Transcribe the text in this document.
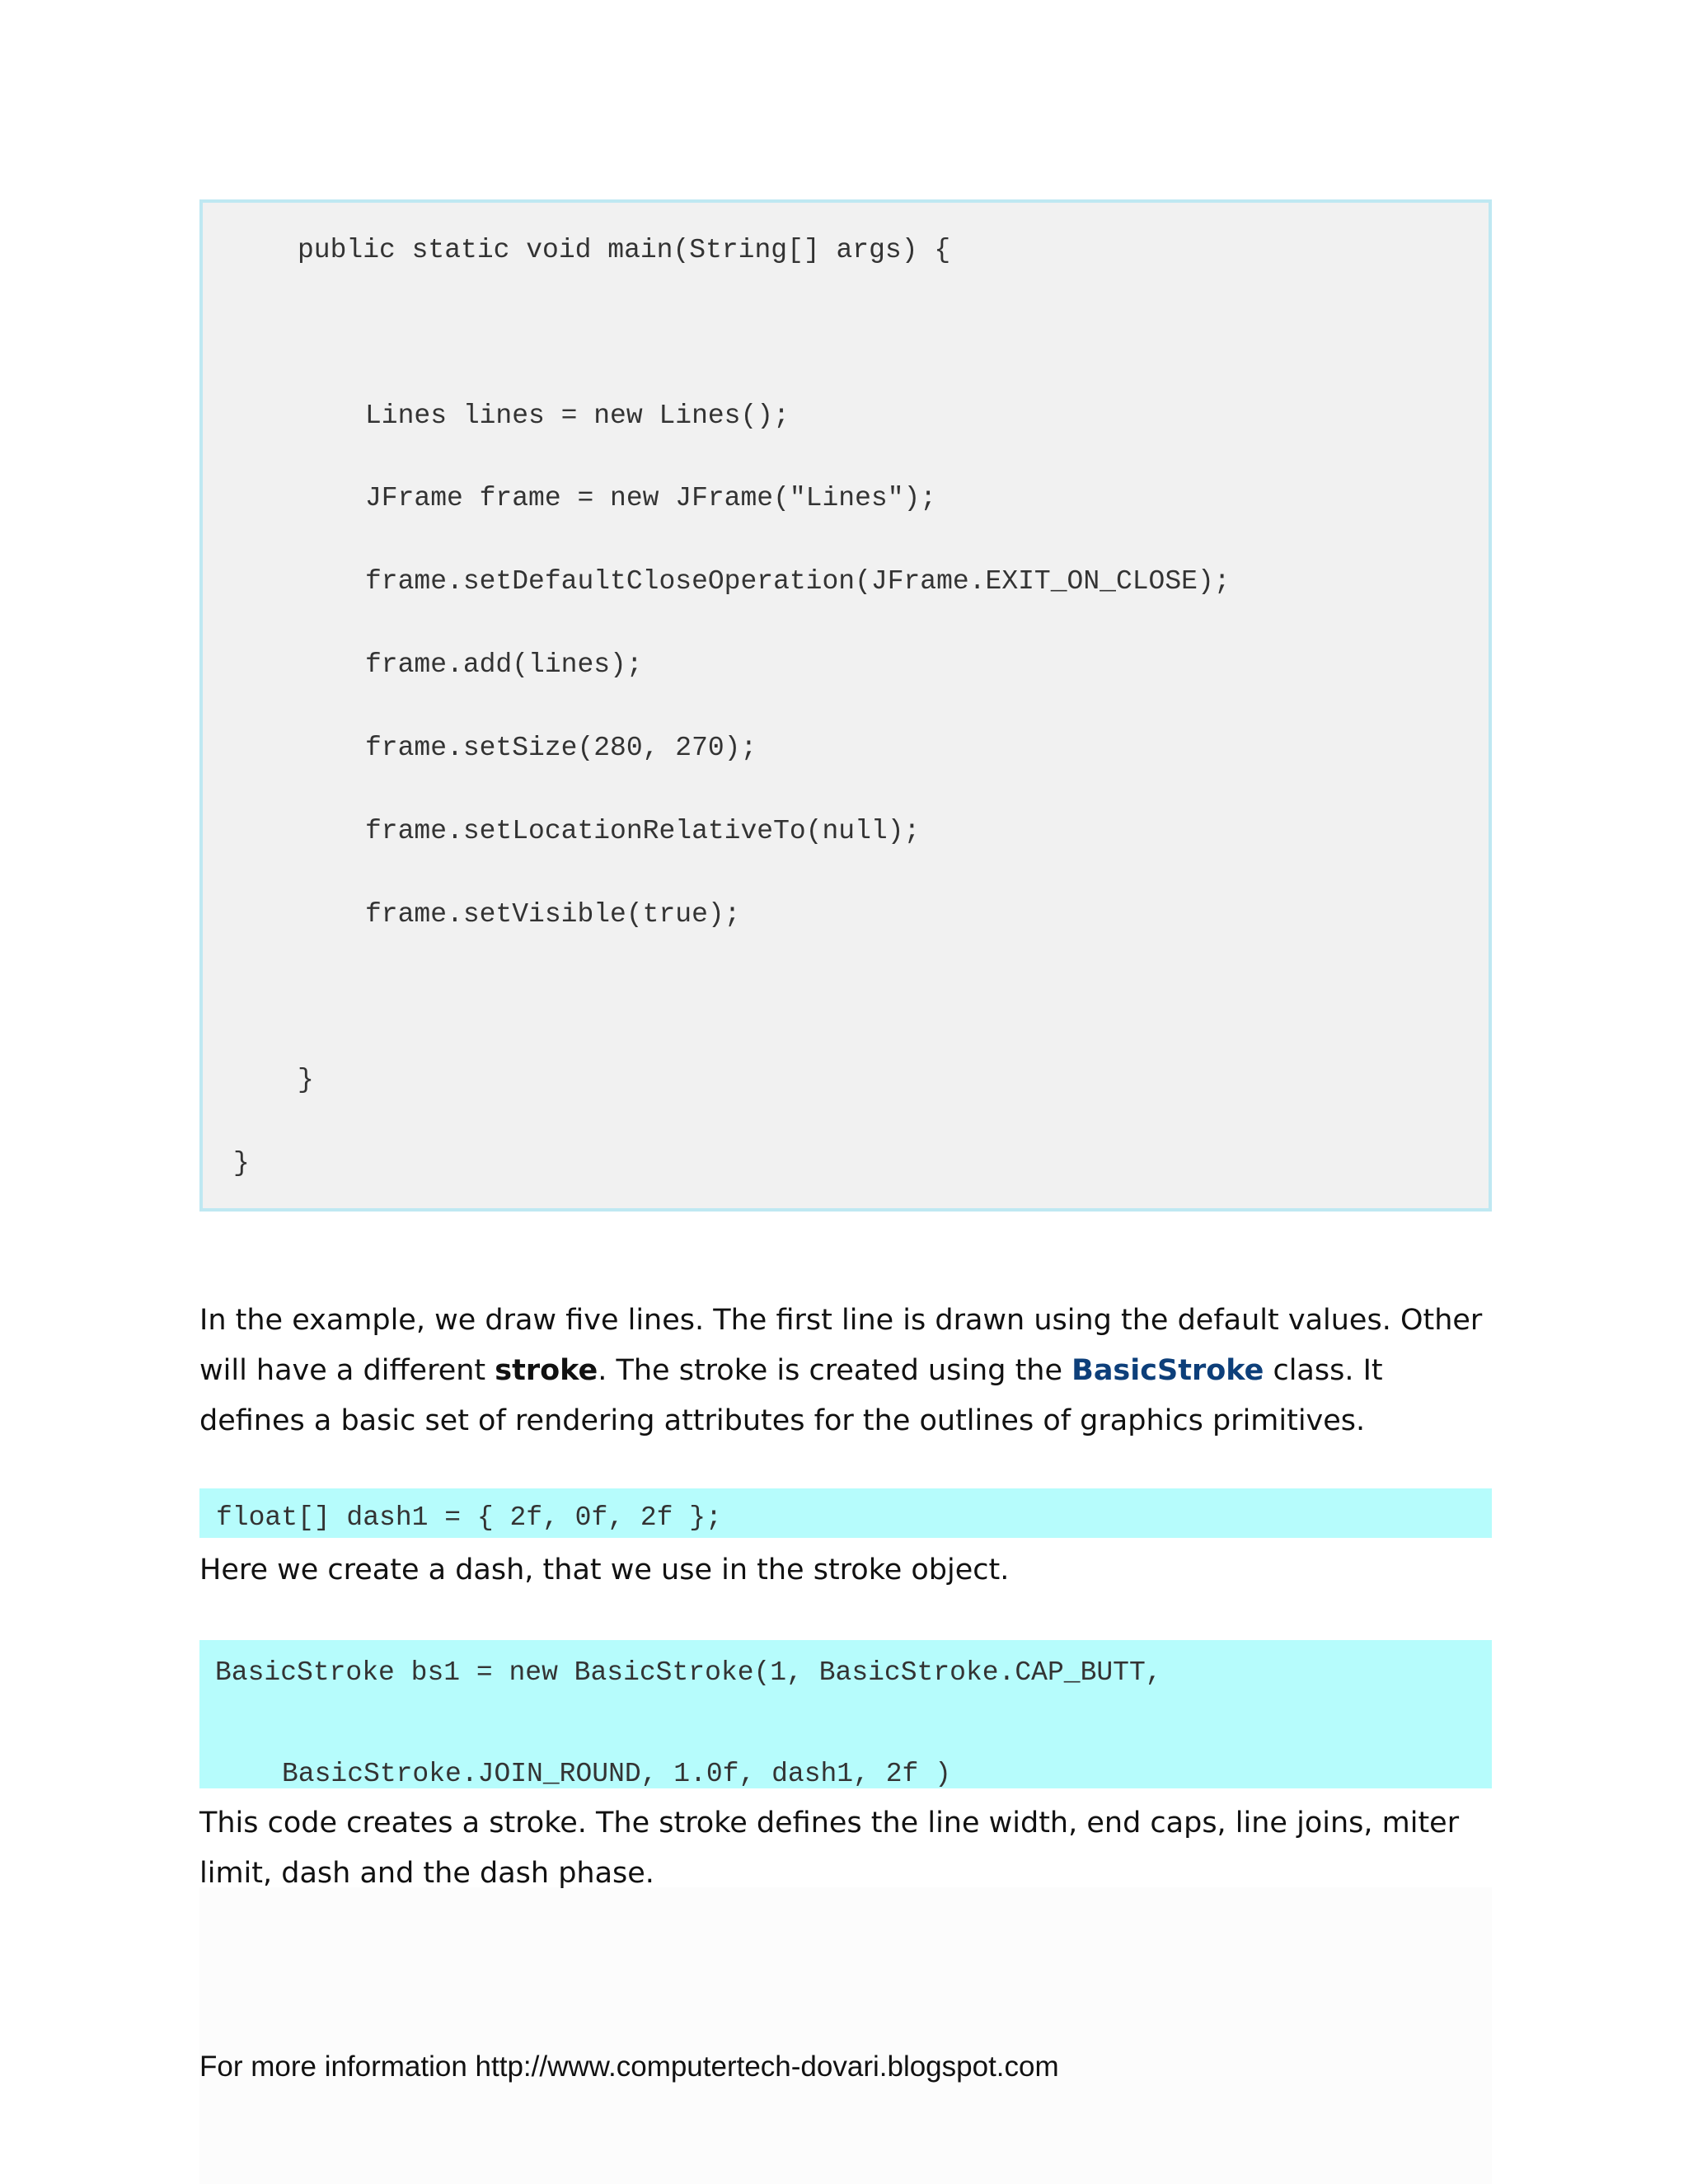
public static void main(String[] args) {
Lines lines = new Lines();
JFrame frame = new JFrame("Lines");
frame.setDefaultCloseOperation(JFrame.EXIT_ON_CLOSE);
frame.add(lines);
frame.setSize(280, 270);
frame.setLocationRelativeTo(null);
frame.setVisible(true);
}
}

In the example, we draw five lines. The first line is drawn using the default values. Other will have a different stroke. The stroke is created using the BasicStroke class. It defines a basic set of rendering attributes for the outlines of graphics primitives.

float[] dash1 = { 2f, 0f, 2f };

Here we create a dash, that we use in the stroke object.

BasicStroke bs1 = new BasicStroke(1, BasicStroke.CAP_BUTT,
BasicStroke.JOIN_ROUND, 1.0f, dash1, 2f )

This code creates a stroke. The stroke defines the line width, end caps, line joins, miter limit, dash and the dash phase.

For more information http://www.computertech-dovari.blogspot.com
